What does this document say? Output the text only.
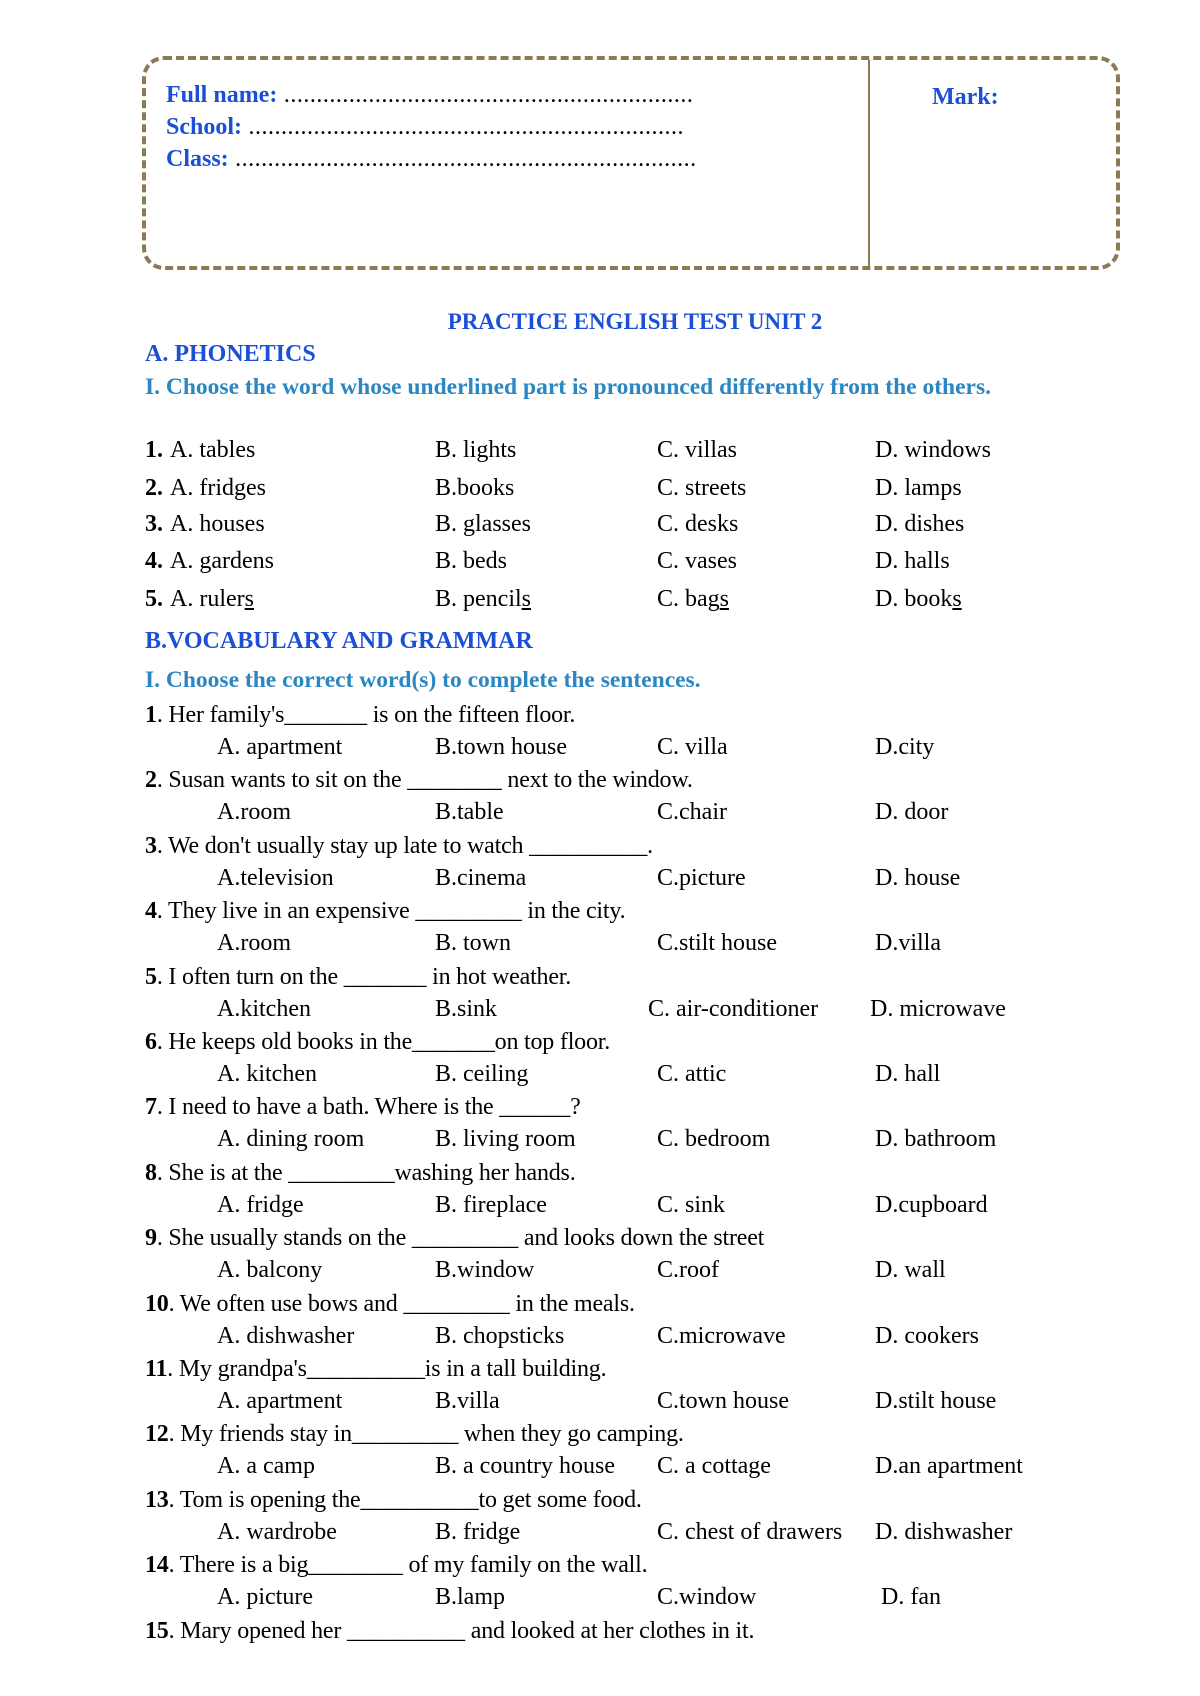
Full name: ...............................................................
School: ...................................................................
Class: .......................................................................
Mark:
PRACTICE ENGLISH TEST UNIT 2
A. PHONETICS
I. Choose the word whose underlined part is pronounced differently from the others.
1. A. tables	B. lights	C. villas	D. windows
2. A. fridges	B.books	C. streets	D. lamps
3. A. houses	B. glasses	C. desks	D. dishes
4. A. gardens	B. beds	C. vases	D. halls
5. A. rulers	B. pencils	C. bags	D. books
B.VOCABULARY AND GRAMMAR
I. Choose the correct word(s) to complete the sentences.
1. Her family's_______ is on the fifteen floor.
A. apartment	B.town house	C. villa	D.city
2. Susan wants to sit on the ________ next to the window.
A.room	B.table	C.chair	D. door
3. We don't usually stay up late to watch __________.
A.television	B.cinema	C.picture	D. house
4. They live in an expensive _________ in the city.
A.room	B. town	C.stilt house	D.villa
5. I often turn on the _______ in hot weather.
A.kitchen	B.sink	C. air-conditioner D. microwave
6. He keeps old books in the_______on top floor.
A. kitchen	B. ceiling	C. attic	D. hall
7. I need to have a bath. Where is the ______?
A. dining room	B. living room	C. bedroom	D. bathroom
8. She is at the _________washing her hands.
A. fridge	B. fireplace	C. sink	D.cupboard
9. She usually stands on the _________ and looks down the street
A. balcony	B.window	C.roof	D. wall
10. We often use bows and _________ in the meals.
A. dishwasher	B. chopsticks	C.microwave	D. cookers
11. My grandpa's__________is in a tall building.
A. apartment	B.villa	C.town house	D.stilt house
12. My friends stay in_________ when they go camping.
A. a camp	B. a country house C. a cottage	D.an apartment
13. Tom is opening the__________to get some food.
A. wardrobe	B. fridge	C. chest of drawers D. dishwasher
14. There is a big________ of my family on the wall.
A. picture	B.lamp	C.window	D. fan
15. Mary opened her __________ and looked at her clothes in it.
